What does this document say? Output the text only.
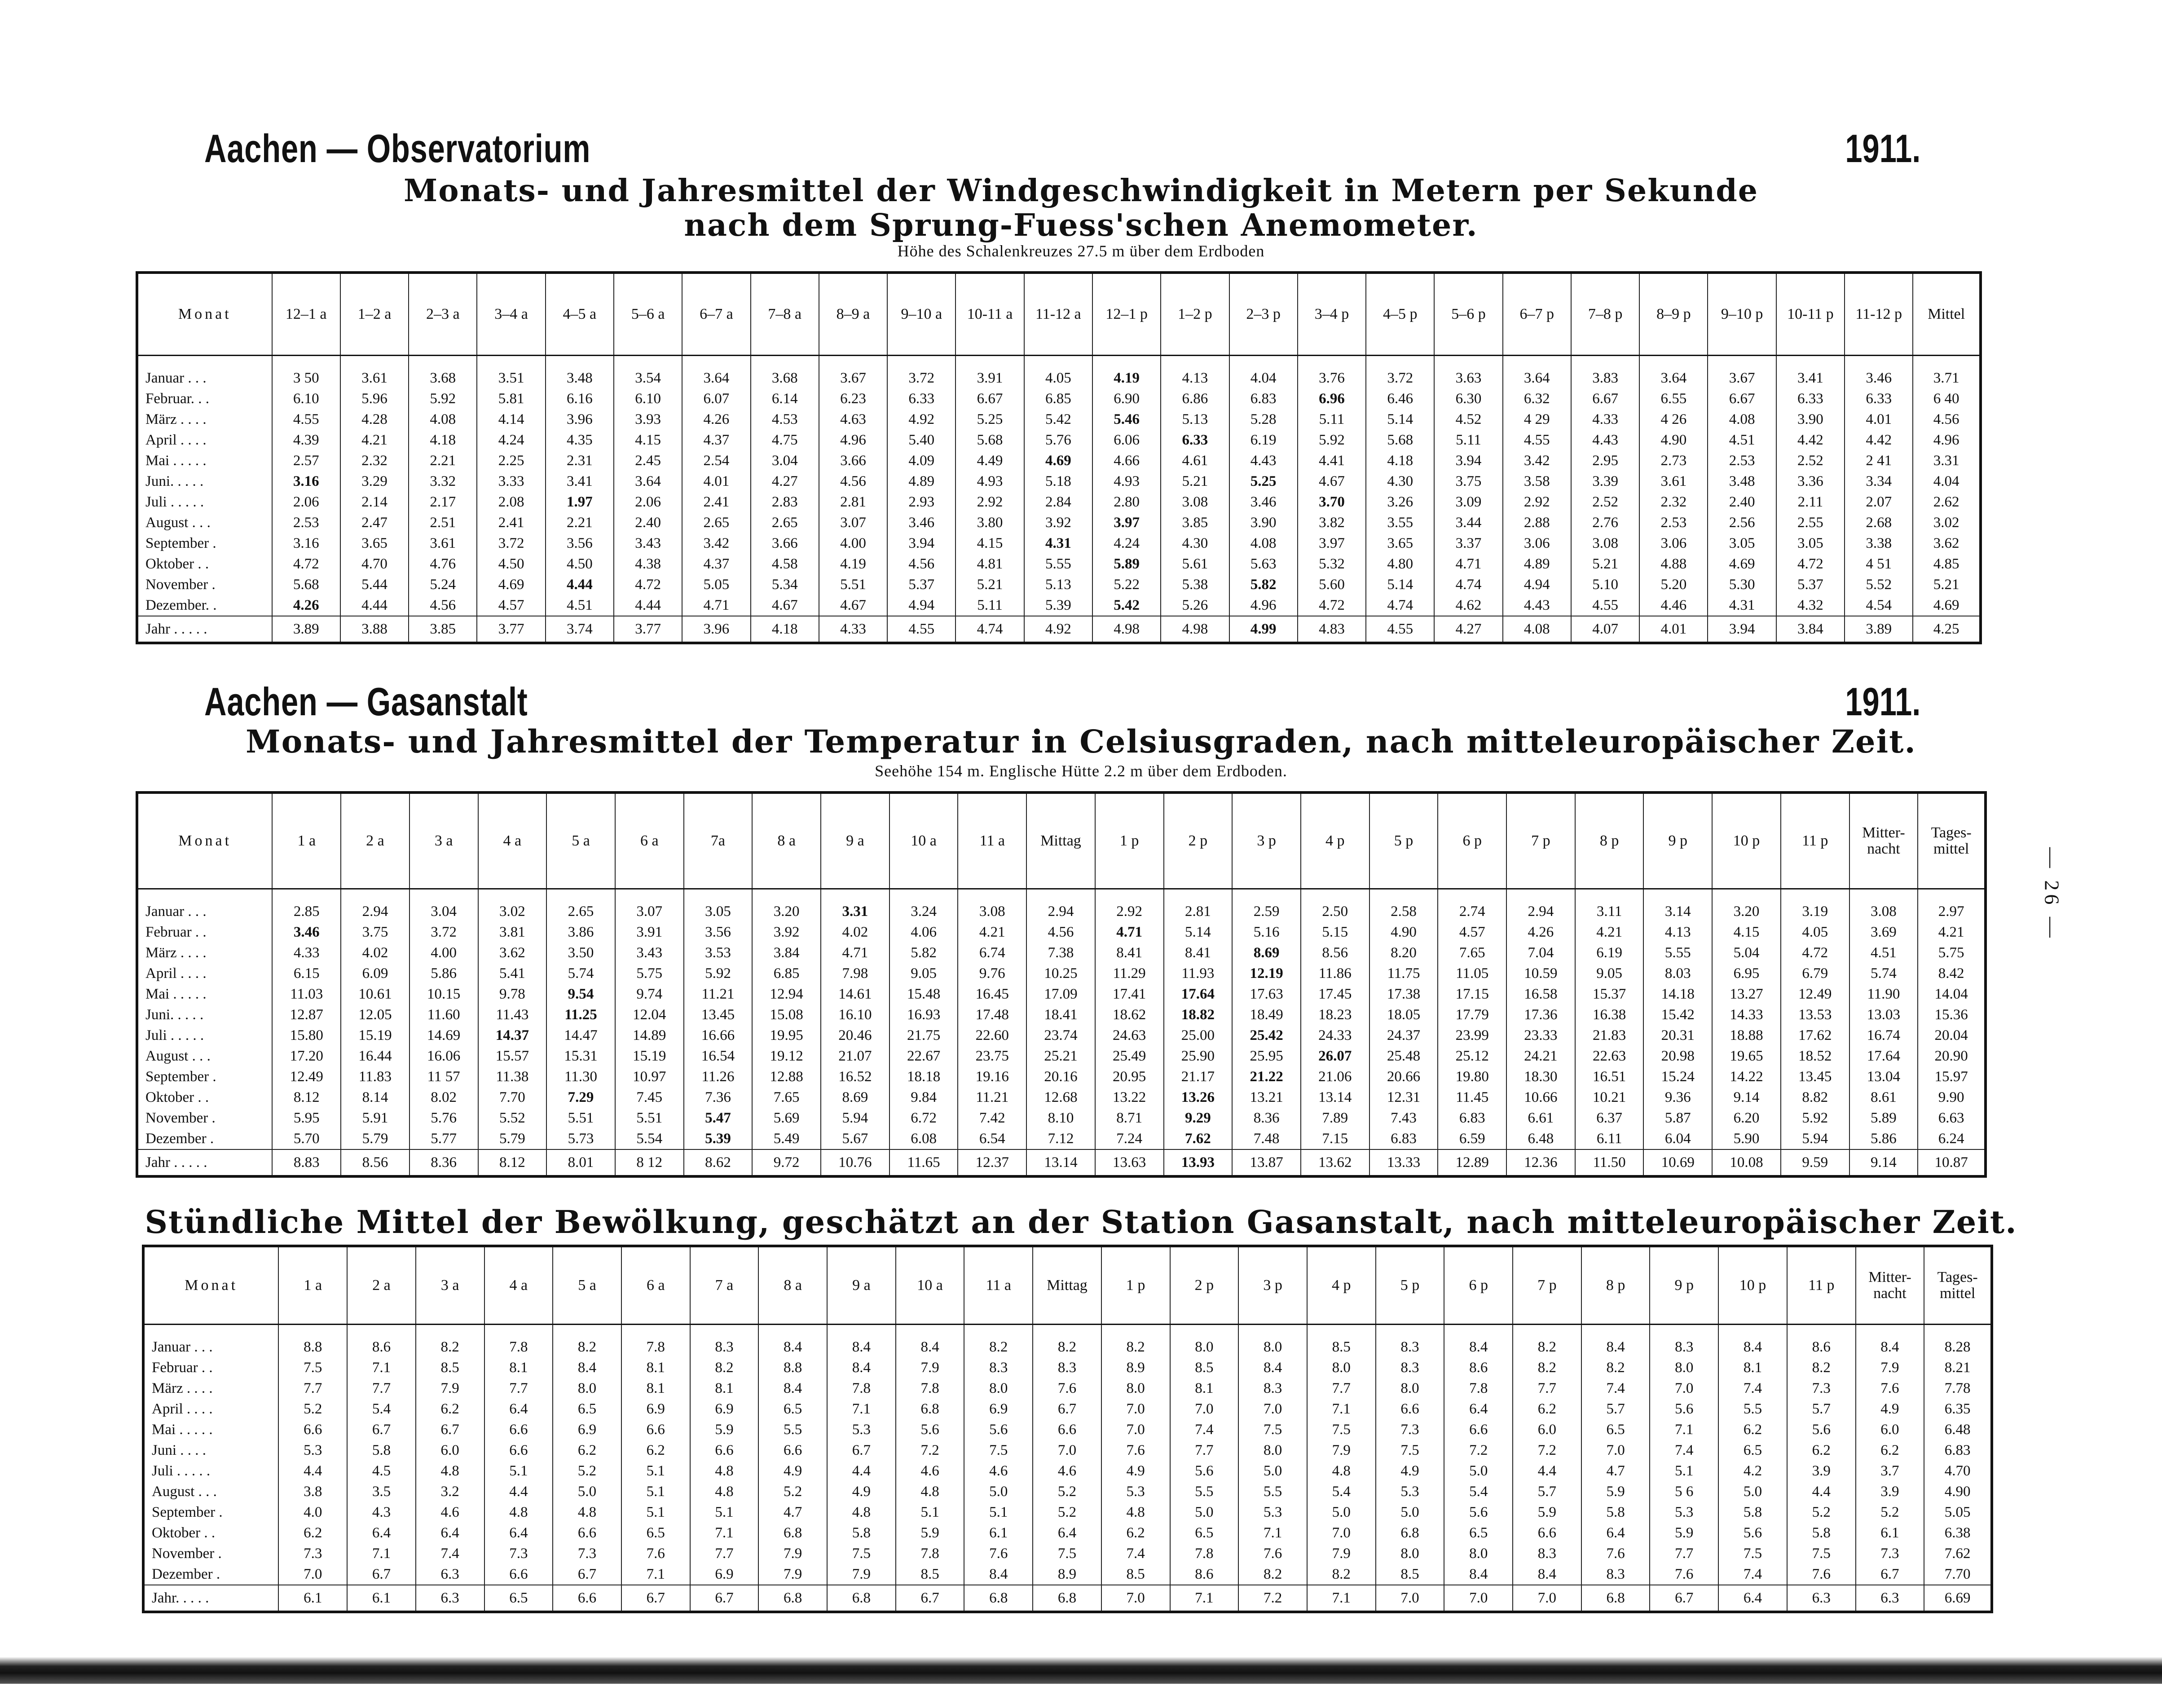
Aachen — Observatorium	1911.
Monats- und Jahresmittel der Windgeschwindigkeit in Metern per Sekunde
nach dem Sprung-Fuess'schen Anemometer.
Höhe des Schalenkreuzes 27.5 m über dem Erdboden
Monat	12–1 a	1–2 a	2–3 a	3–4 a	4–5 a	5–6 a	6–7 a	7–8 a	8–9 a	9–10 a	10-11 a	11-12 a	12–1 p	1–2 p	2–3 p	3–4 p	4–5 p	5–6 p	6–7 p	7–8 p	8–9 p	9–10 p	10-11 p	11-12 p	Mittel

Januar . . .	3 50	3.61	3.68	3.51	3.48	3.54	3.64	3.68	3.67	3.72	3.91	4.05	4.19	4.13	4.04	3.76	3.72	3.63	3.64	3.83	3.64	3.67	3.41	3.46	3.71
Februar. . .	6.10	5.96	5.92	5.81	6.16	6.10	6.07	6.14	6.23	6.33	6.67	6.85	6.90	6.86	6.83	6.96	6.46	6.30	6.32	6.67	6.55	6.67	6.33	6.33	6 40
März . . . .	4.55	4.28	4.08	4.14	3.96	3.93	4.26	4.53	4.63	4.92	5.25	5.42	5.46	5.13	5.28	5.11	5.14	4.52	4 29	4.33	4 26	4.08	3.90	4.01	4.56
April . . . .	4.39	4.21	4.18	4.24	4.35	4.15	4.37	4.75	4.96	5.40	5.68	5.76	6.06	6.33	6.19	5.92	5.68	5.11	4.55	4.43	4.90	4.51	4.42	4.42	4.96
Mai . . . . .	2.57	2.32	2.21	2.25	2.31	2.45	2.54	3.04	3.66	4.09	4.49	4.69	4.66	4.61	4.43	4.41	4.18	3.94	3.42	2.95	2.73	2.53	2.52	2 41	3.31
Juni. . . . .	3.16	3.29	3.32	3.33	3.41	3.64	4.01	4.27	4.56	4.89	4.93	5.18	4.93	5.21	5.25	4.67	4.30	3.75	3.58	3.39	3.61	3.48	3.36	3.34	4.04
Juli . . . . .	2.06	2.14	2.17	2.08	1.97	2.06	2.41	2.83	2.81	2.93	2.92	2.84	2.80	3.08	3.46	3.70	3.26	3.09	2.92	2.52	2.32	2.40	2.11	2.07	2.62
August . . .	2.53	2.47	2.51	2.41	2.21	2.40	2.65	2.65	3.07	3.46	3.80	3.92	3.97	3.85	3.90	3.82	3.55	3.44	2.88	2.76	2.53	2.56	2.55	2.68	3.02
September .	3.16	3.65	3.61	3.72	3.56	3.43	3.42	3.66	4.00	3.94	4.15	4.31	4.24	4.30	4.08	3.97	3.65	3.37	3.06	3.08	3.06	3.05	3.05	3.38	3.62
Oktober . .	4.72	4.70	4.76	4.50	4.50	4.38	4.37	4.58	4.19	4.56	4.81	5.55	5.89	5.61	5.63	5.32	4.80	4.71	4.89	5.21	4.88	4.69	4.72	4 51	4.85
November .	5.68	5.44	5.24	4.69	4.44	4.72	5.05	5.34	5.51	5.37	5.21	5.13	5.22	5.38	5.82	5.60	5.14	4.74	4.94	5.10	5.20	5.30	5.37	5.52	5.21
Dezember. .	4.26	4.44	4.56	4.57	4.51	4.44	4.71	4.67	4.67	4.94	5.11	5.39	5.42	5.26	4.96	4.72	4.74	4.62	4.43	4.55	4.46	4.31	4.32	4.54	4.69
Jahr . . . . .	3.89	3.88	3.85	3.77	3.74	3.77	3.96	4.18	4.33	4.55	4.74	4.92	4.98	4.98	4.99	4.83	4.55	4.27	4.08	4.07	4.01	3.94	3.84	3.89	4.25
Aachen — Gasanstalt	1911.
Monats- und Jahresmittel der Temperatur in Celsiusgraden, nach mitteleuropäischer Zeit.
Seehöhe 154 m. Englische Hütte 2.2 m über dem Erdboden.
Monat	1 a	2 a	3 a	4 a	5 a	6 a	7a	8 a	9 a	10 a	11 a	Mittag	1 p	2 p	3 p	4 p	5 p	6 p	7 p	8 p	9 p	10 p	11 p	Mitter-nacht	Tages-mittel

Januar . . .	2.85	2.94	3.04	3.02	2.65	3.07	3.05	3.20	3.31	3.24	3.08	2.94	2.92	2.81	2.59	2.50	2.58	2.74	2.94	3.11	3.14	3.20	3.19	3.08	2.97
Februar . .	3.46	3.75	3.72	3.81	3.86	3.91	3.56	3.92	4.02	4.06	4.21	4.56	4.71	5.14	5.16	5.15	4.90	4.57	4.26	4.21	4.13	4.15	4.05	3.69	4.21
März . . . .	4.33	4.02	4.00	3.62	3.50	3.43	3.53	3.84	4.71	5.82	6.74	7.38	8.41	8.41	8.69	8.56	8.20	7.65	7.04	6.19	5.55	5.04	4.72	4.51	5.75
April . . . .	6.15	6.09	5.86	5.41	5.74	5.75	5.92	6.85	7.98	9.05	9.76	10.25	11.29	11.93	12.19	11.86	11.75	11.05	10.59	9.05	8.03	6.95	6.79	5.74	8.42
Mai . . . . .	11.03	10.61	10.15	9.78	9.54	9.74	11.21	12.94	14.61	15.48	16.45	17.09	17.41	17.64	17.63	17.45	17.38	17.15	16.58	15.37	14.18	13.27	12.49	11.90	14.04
Juni. . . . .	12.87	12.05	11.60	11.43	11.25	12.04	13.45	15.08	16.10	16.93	17.48	18.41	18.62	18.82	18.49	18.23	18.05	17.79	17.36	16.38	15.42	14.33	13.53	13.03	15.36
Juli . . . . .	15.80	15.19	14.69	14.37	14.47	14.89	16.66	19.95	20.46	21.75	22.60	23.74	24.63	25.00	25.42	24.33	24.37	23.99	23.33	21.83	20.31	18.88	17.62	16.74	20.04
August . . .	17.20	16.44	16.06	15.57	15.31	15.19	16.54	19.12	21.07	22.67	23.75	25.21	25.49	25.90	25.95	26.07	25.48	25.12	24.21	22.63	20.98	19.65	18.52	17.64	20.90
September .	12.49	11.83	11 57	11.38	11.30	10.97	11.26	12.88	16.52	18.18	19.16	20.16	20.95	21.17	21.22	21.06	20.66	19.80	18.30	16.51	15.24	14.22	13.45	13.04	15.97
Oktober . .	8.12	8.14	8.02	7.70	7.29	7.45	7.36	7.65	8.69	9.84	11.21	12.68	13.22	13.26	13.21	13.14	12.31	11.45	10.66	10.21	9.36	9.14	8.82	8.61	9.90
November .	5.95	5.91	5.76	5.52	5.51	5.51	5.47	5.69	5.94	6.72	7.42	8.10	8.71	9.29	8.36	7.89	7.43	6.83	6.61	6.37	5.87	6.20	5.92	5.89	6.63
Dezember .	5.70	5.79	5.77	5.79	5.73	5.54	5.39	5.49	5.67	6.08	6.54	7.12	7.24	7.62	7.48	7.15	6.83	6.59	6.48	6.11	6.04	5.90	5.94	5.86	6.24
Jahr . . . . .	8.83	8.56	8.36	8.12	8.01	8 12	8.62	9.72	10.76	11.65	12.37	13.14	13.63	13.93	13.87	13.62	13.33	12.89	12.36	11.50	10.69	10.08	9.59	9.14	10.87
Stündliche Mittel der Bewölkung, geschätzt an der Station Gasanstalt, nach mitteleuropäischer Zeit.
Monat	1 a	2 a	3 a	4 a	5 a	6 a	7 a	8 a	9 a	10 a	11 a	Mittag	1 p	2 p	3 p	4 p	5 p	6 p	7 p	8 p	9 p	10 p	11 p	Mitter-nacht	Tages-mittel

Januar . . .	8.8	8.6	8.2	7.8	8.2	7.8	8.3	8.4	8.4	8.4	8.2	8.2	8.2	8.0	8.0	8.5	8.3	8.4	8.2	8.4	8.3	8.4	8.6	8.4	8.28
Februar . .	7.5	7.1	8.5	8.1	8.4	8.1	8.2	8.8	8.4	7.9	8.3	8.3	8.9	8.5	8.4	8.0	8.3	8.6	8.2	8.2	8.0	8.1	8.2	7.9	8.21
März . . . .	7.7	7.7	7.9	7.7	8.0	8.1	8.1	8.4	7.8	7.8	8.0	7.6	8.0	8.1	8.3	7.7	8.0	7.8	7.7	7.4	7.0	7.4	7.3	7.6	7.78
April . . . .	5.2	5.4	6.2	6.4	6.5	6.9	6.9	6.5	7.1	6.8	6.9	6.7	7.0	7.0	7.0	7.1	6.6	6.4	6.2	5.7	5.6	5.5	5.7	4.9	6.35
Mai . . . . .	6.6	6.7	6.7	6.6	6.9	6.6	5.9	5.5	5.3	5.6	5.6	6.6	7.0	7.4	7.5	7.5	7.3	6.6	6.0	6.5	7.1	6.2	5.6	6.0	6.48
Juni . . . .	5.3	5.8	6.0	6.6	6.2	6.2	6.6	6.6	6.7	7.2	7.5	7.0	7.6	7.7	8.0	7.9	7.5	7.2	7.2	7.0	7.4	6.5	6.2	6.2	6.83
Juli . . . . .	4.4	4.5	4.8	5.1	5.2	5.1	4.8	4.9	4.4	4.6	4.6	4.6	4.9	5.6	5.0	4.8	4.9	5.0	4.4	4.7	5.1	4.2	3.9	3.7	4.70
August . . .	3.8	3.5	3.2	4.4	5.0	5.1	4.8	5.2	4.9	4.8	5.0	5.2	5.3	5.5	5.5	5.4	5.3	5.4	5.7	5.9	5 6	5.0	4.4	3.9	4.90
September .	4.0	4.3	4.6	4.8	4.8	5.1	5.1	4.7	4.8	5.1	5.1	5.2	4.8	5.0	5.3	5.0	5.0	5.6	5.9	5.8	5.3	5.8	5.2	5.2	5.05
Oktober . .	6.2	6.4	6.4	6.4	6.6	6.5	7.1	6.8	5.8	5.9	6.1	6.4	6.2	6.5	7.1	7.0	6.8	6.5	6.6	6.4	5.9	5.6	5.8	6.1	6.38
November .	7.3	7.1	7.4	7.3	7.3	7.6	7.7	7.9	7.5	7.8	7.6	7.5	7.4	7.8	7.6	7.9	8.0	8.0	8.3	7.6	7.7	7.5	7.5	7.3	7.62
Dezember .	7.0	6.7	6.3	6.6	6.7	7.1	6.9	7.9	7.9	8.5	8.4	8.9	8.5	8.6	8.2	8.2	8.5	8.4	8.4	8.3	7.6	7.4	7.6	6.7	7.70
Jahr. . . . .	6.1	6.1	6.3	6.5	6.6	6.7	6.7	6.8	6.8	6.7	6.8	6.8	7.0	7.1	7.2	7.1	7.0	7.0	7.0	6.8	6.7	6.4	6.3	6.3	6.69
— 26 —
